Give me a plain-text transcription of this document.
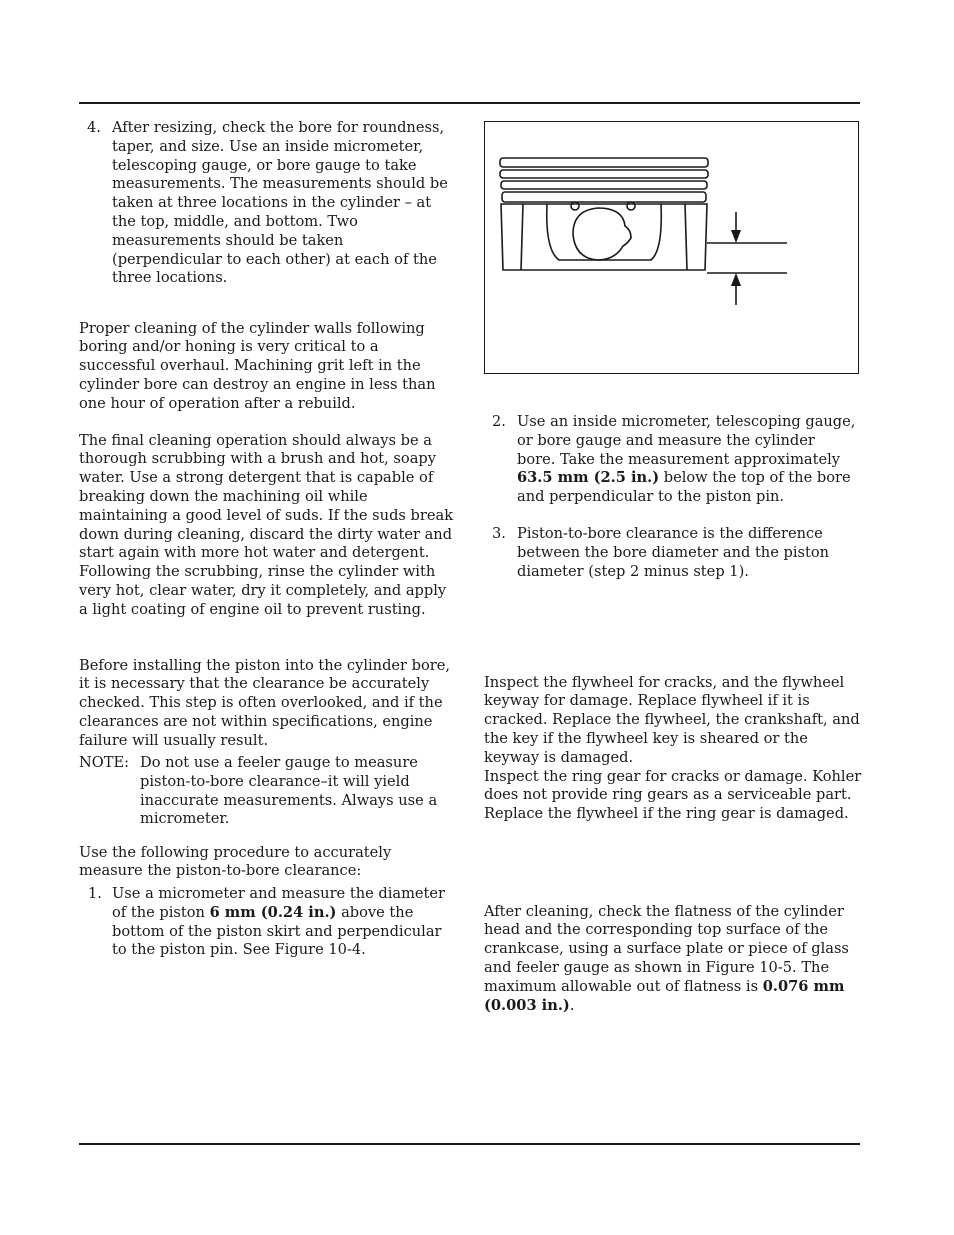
4. After resizing, check the bore for roundness, taper, and size. Use an inside micrometer, telescoping gauge, or bore gauge to take measurements. The measurements should be taken at three locations in the cylinder – at the top, middle, and bottom. Two measurements should be taken (perpendicular to each other) at each of the three locations.

Proper cleaning of the cylinder walls following boring and/or honing is very critical to a successful overhaul. Machining grit left in the cylinder bore can destroy an engine in less than one hour of operation after a rebuild.

The final cleaning operation should always be a thorough scrubbing with a brush and hot, soapy water. Use a strong detergent that is capable of breaking down the machining oil while maintaining a good level of suds. If the suds break down during cleaning, discard the dirty water and start again with more hot water and detergent. Following the scrubbing, rinse the cylinder with very hot, clear water, dry it completely, and apply a light coating of engine oil to prevent rusting.

Before installing the piston into the cylinder bore, it is necessary that the clearance be accurately checked. This step is often overlooked, and if the clearances are not within specifications, engine failure will usually result.

NOTE: Do not use a feeler gauge to measure piston-to-bore clearance–it will yield inaccurate measurements. Always use a micrometer.

Use the following procedure to accurately measure the piston-to-bore clearance:

1. Use a micrometer and measure the diameter of the piston 6 mm (0.24 in.) above the bottom of the piston skirt and perpendicular to the piston pin. See Figure 10-4.

2. Use an inside micrometer, telescoping gauge, or bore gauge and measure the cylinder bore. Take the measurement approximately 63.5 mm (2.5 in.) below the top of the bore and perpendicular to the piston pin.

3. Piston-to-bore clearance is the difference between the bore diameter and the piston diameter (step 2 minus step 1).

Inspect the flywheel for cracks, and the flywheel keyway for damage. Replace flywheel if it is cracked. Replace the flywheel, the crankshaft, and the key if the flywheel key is sheared or the keyway is damaged.

Inspect the ring gear for cracks or damage. Kohler does not provide ring gears as a serviceable part. Replace the flywheel if the ring gear is damaged.

After cleaning, check the flatness of the cylinder head and the corresponding top surface of the crankcase, using a surface plate or piece of glass and feeler gauge as shown in Figure 10-5. The maximum allowable out of flatness is 0.076 mm (0.003 in.).
